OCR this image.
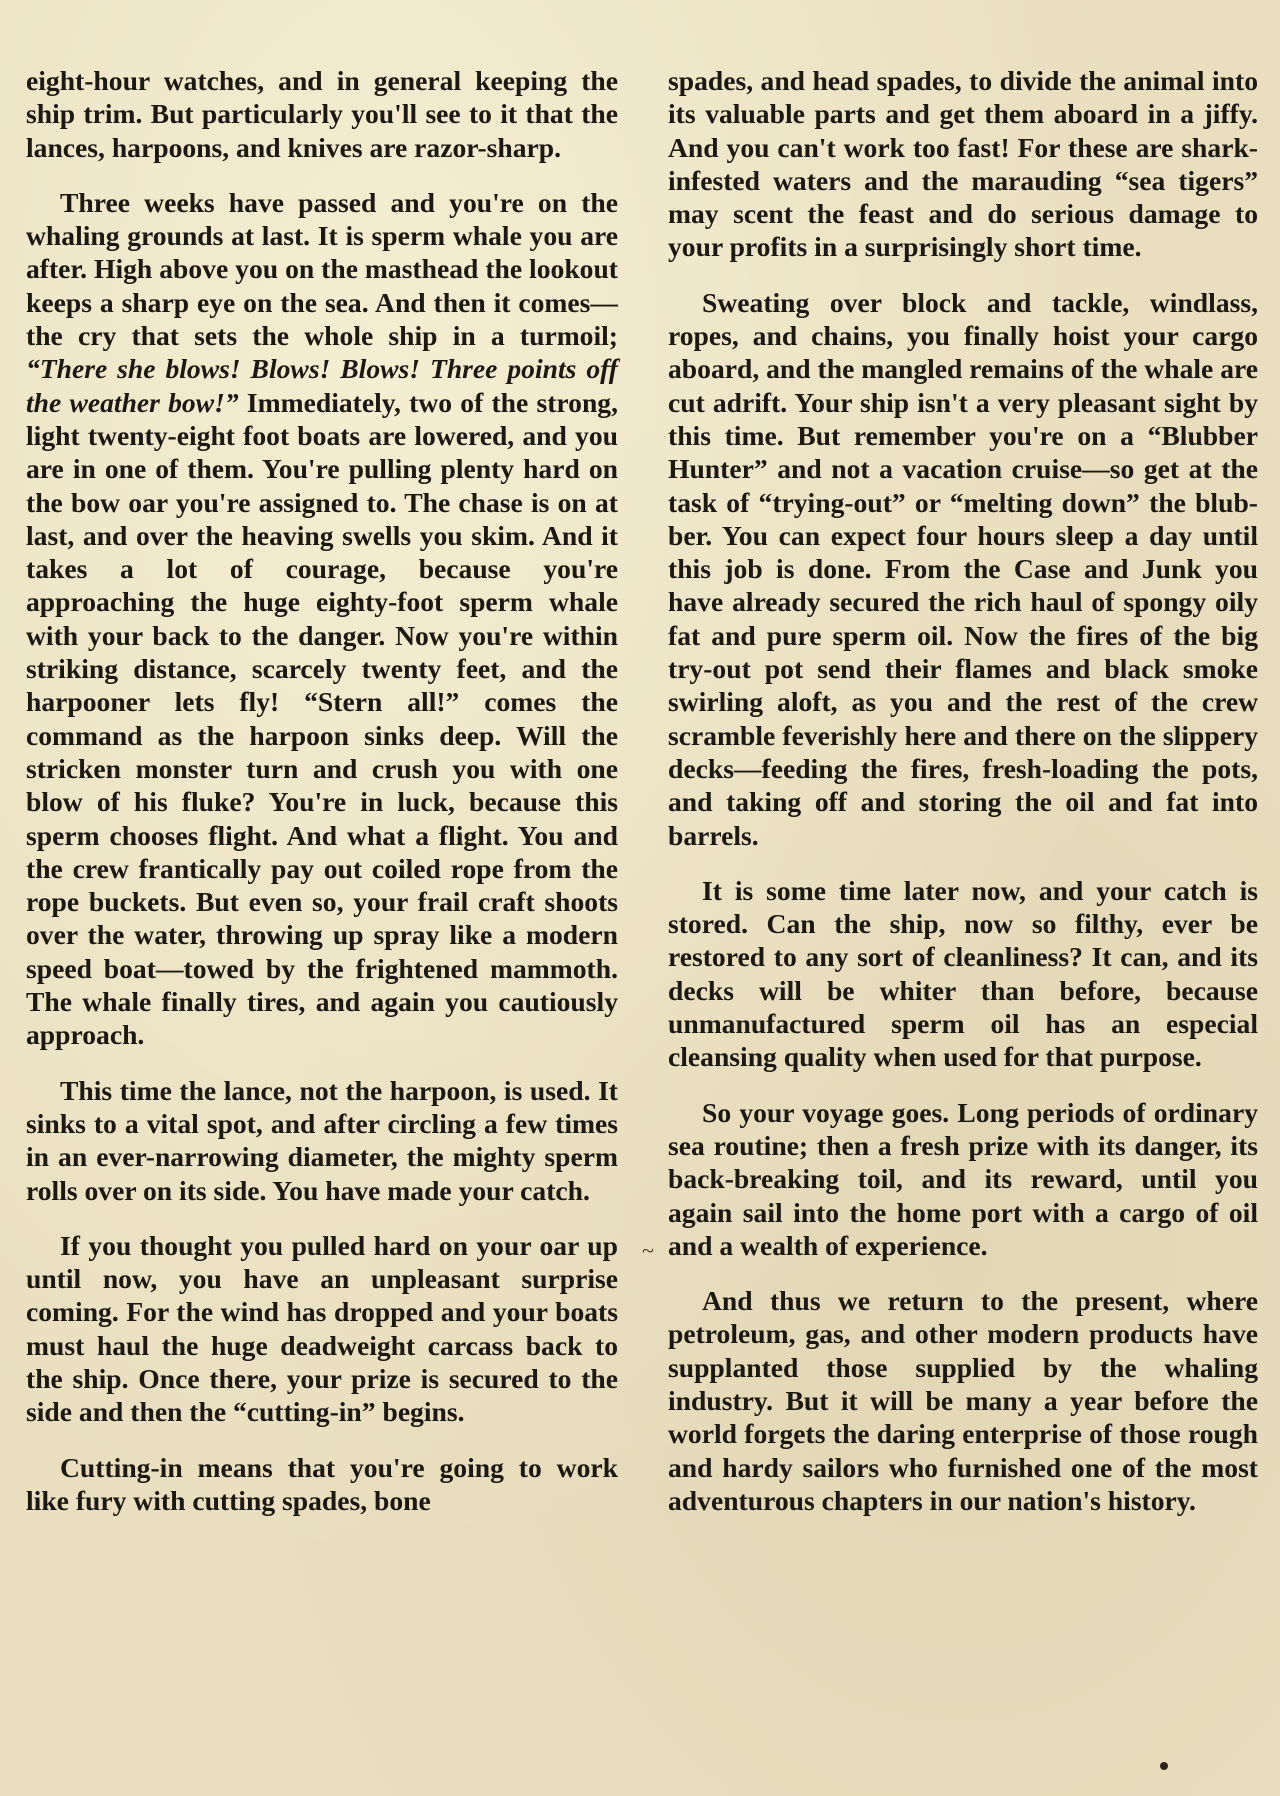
eight-hour watches, and in general keeping the ship trim. But particularly you'll see to it that the lances, harpoons, and knives are razor-sharp.

Three weeks have passed and you're on the whaling grounds at last. It is sperm whale you are after. High above you on the masthead the lookout keeps a sharp eye on the sea. And then it comes—the cry that sets the whole ship in a turmoil; “There she blows! Blows! Blows! Three points off the weather bow!” Immediately, two of the strong, light twenty-eight foot boats are lowered, and you are in one of them. You're pulling plenty hard on the bow oar you're assigned to. The chase is on at last, and over the heaving swells you skim. And it takes a lot of courage, because you're approaching the huge eighty-foot sperm whale with your back to the danger. Now you're within striking distance, scarcely twenty feet, and the harpooner lets fly! “Stern all!” comes the command as the harpoon sinks deep. Will the stricken monster turn and crush you with one blow of his fluke? You're in luck, because this sperm chooses flight. And what a flight. You and the crew frantically pay out coiled rope from the rope buckets. But even so, your frail craft shoots over the water, throwing up spray like a modern speed boat—towed by the frightened mammoth. The whale finally tires, and again you cautiously approach.

This time the lance, not the harpoon, is used. It sinks to a vital spot, and after circling a few times in an ever-narrowing diameter, the mighty sperm rolls over on its side. You have made your catch.

If you thought you pulled hard on your oar up until now, you have an unpleasant surprise coming. For the wind has dropped and your boats must haul the huge deadweight carcass back to the ship. Once there, your prize is secured to the side and then the “cutting-in” begins.

Cutting-in means that you're going to work like fury with cutting spades, bone

spades, and head spades, to divide the animal into its valuable parts and get them aboard in a jiffy. And you can't work too fast! For these are shark-infested waters and the marauding “sea tigers” may scent the feast and do serious damage to your profits in a surprisingly short time.

Sweating over block and tackle, windlass, ropes, and chains, you finally hoist your cargo aboard, and the mangled remains of the whale are cut adrift. Your ship isn't a very pleasant sight by this time. But remember you're on a “Blubber Hunter” and not a vacation cruise—so get at the task of “trying-out” or “melting down” the blubber. You can expect four hours sleep a day until this job is done. From the Case and Junk you have already secured the rich haul of spongy oily fat and pure sperm oil. Now the fires of the big try-out pot send their flames and black smoke swirling aloft, as you and the rest of the crew scramble feverishly here and there on the slippery decks—feeding the fires, fresh-loading the pots, and taking off and storing the oil and fat into barrels.

It is some time later now, and your catch is stored. Can the ship, now so filthy, ever be restored to any sort of cleanliness? It can, and its decks will be whiter than before, because unmanufactured sperm oil has an especial cleansing quality when used for that purpose.

So your voyage goes. Long periods of ordinary sea routine; then a fresh prize with its danger, its back-breaking toil, and its reward, until you again sail into the home port with a cargo of oil and a wealth of experience.

And thus we return to the present, where petroleum, gas, and other modern products have supplanted those supplied by the whaling industry. But it will be many a year before the world forgets the daring enterprise of those rough and hardy sailors who furnished one of the most adventurous chapters in our nation's history.

~
